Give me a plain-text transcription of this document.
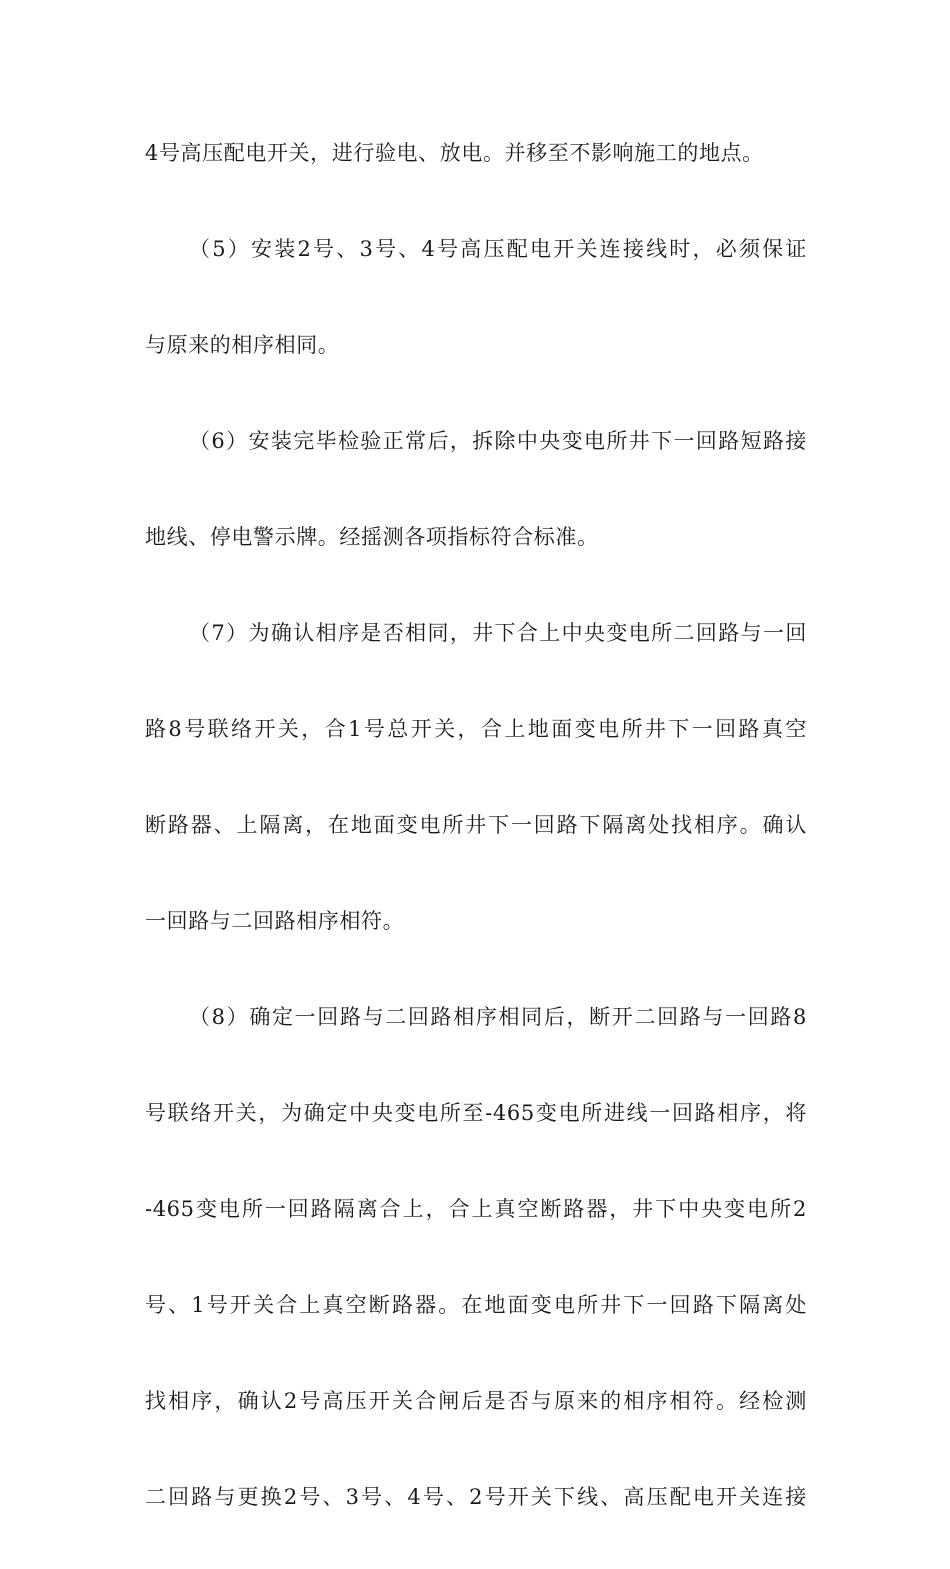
4号高压配电开关，进行验电、放电。并移至不影响施工的地点。

（5）安装2号、3号、4号高压配电开关连接线时，必须保证

与原来的相序相同。

（6）安装完毕检验正常后，拆除中央变电所井下一回路短路接

地线、停电警示牌。经摇测各项指标符合标准。

（7）为确认相序是否相同，井下合上中央变电所二回路与一回

路8号联络开关，合1号总开关，合上地面变电所井下一回路真空

断路器、上隔离，在地面变电所井下一回路下隔离处找相序。确认

一回路与二回路相序相符。

（8）确定一回路与二回路相序相同后，断开二回路与一回路8

号联络开关，为确定中央变电所至-465变电所进线一回路相序，将

-465变电所一回路隔离合上，合上真空断路器，井下中央变电所2

号、1号开关合上真空断路器。在地面变电所井下一回路下隔离处

找相序，确认2号高压开关合闸后是否与原来的相序相符。经检测

二回路与更换2号、3号、4号、2号开关下线、高压配电开关连接
